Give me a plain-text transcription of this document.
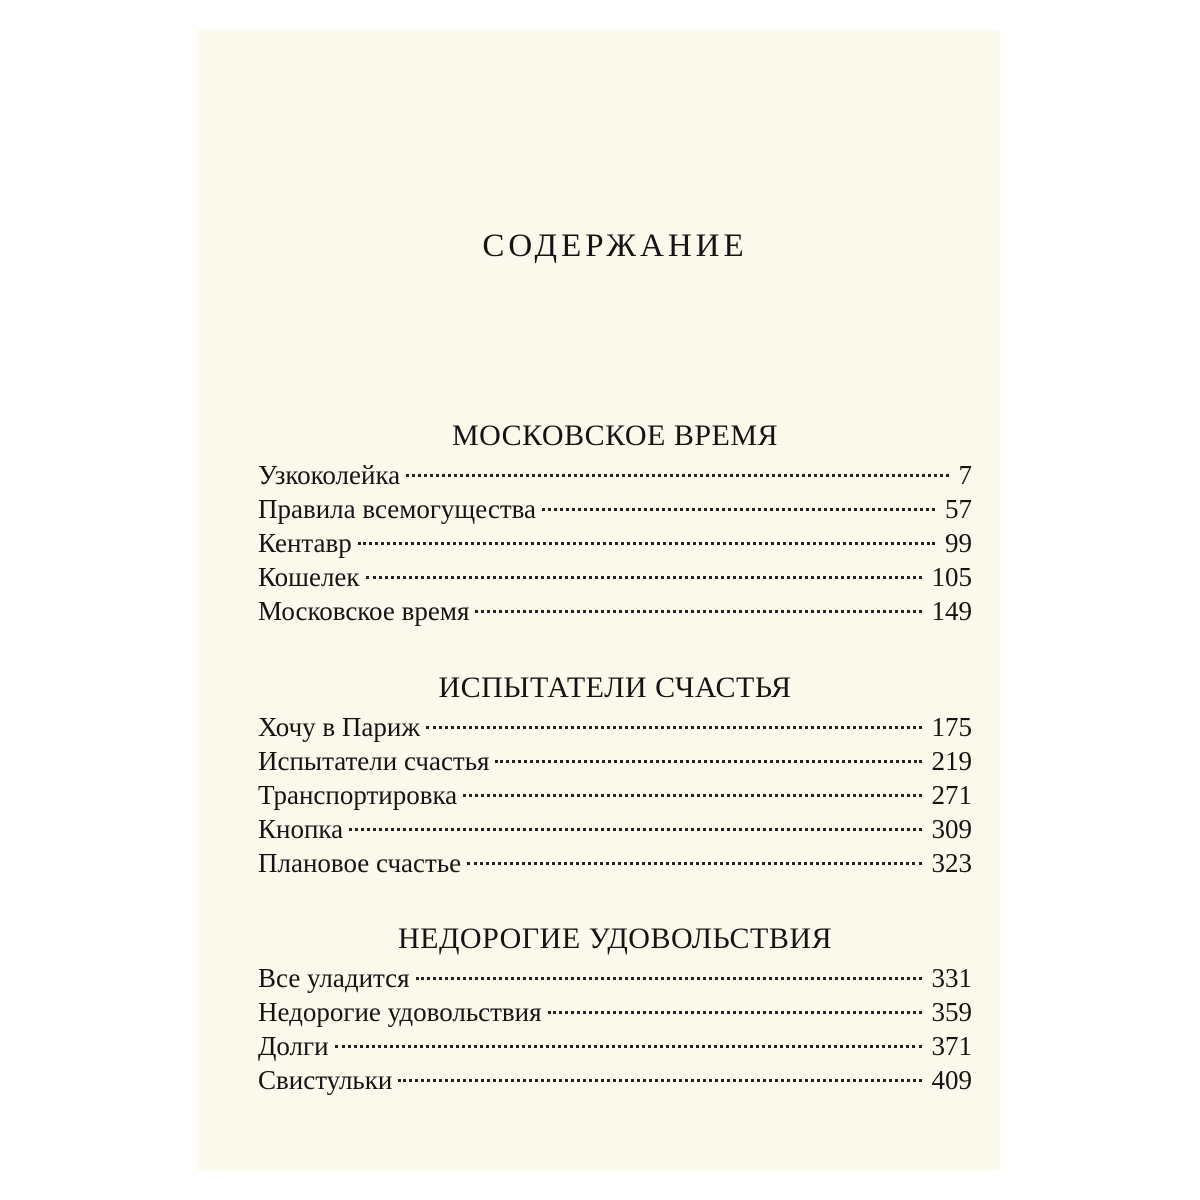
СОДЕРЖАНИЕ
МОСКОВСКОЕ ВРЕМЯ
Узкоколейка	7
Правила всемогущества	57
Кентавр	99
Кошелек	105
Московское время	149
ИСПЫТАТЕЛИ СЧАСТЬЯ
Хочу в Париж	175
Испытатели счастья	219
Транспортировка	271
Кнопка	309
Плановое счастье	323
НЕДОРОГИЕ УДОВОЛЬСТВИЯ
Все уладится	331
Недорогие удовольствия	359
Долги	371
Свистульки	409
